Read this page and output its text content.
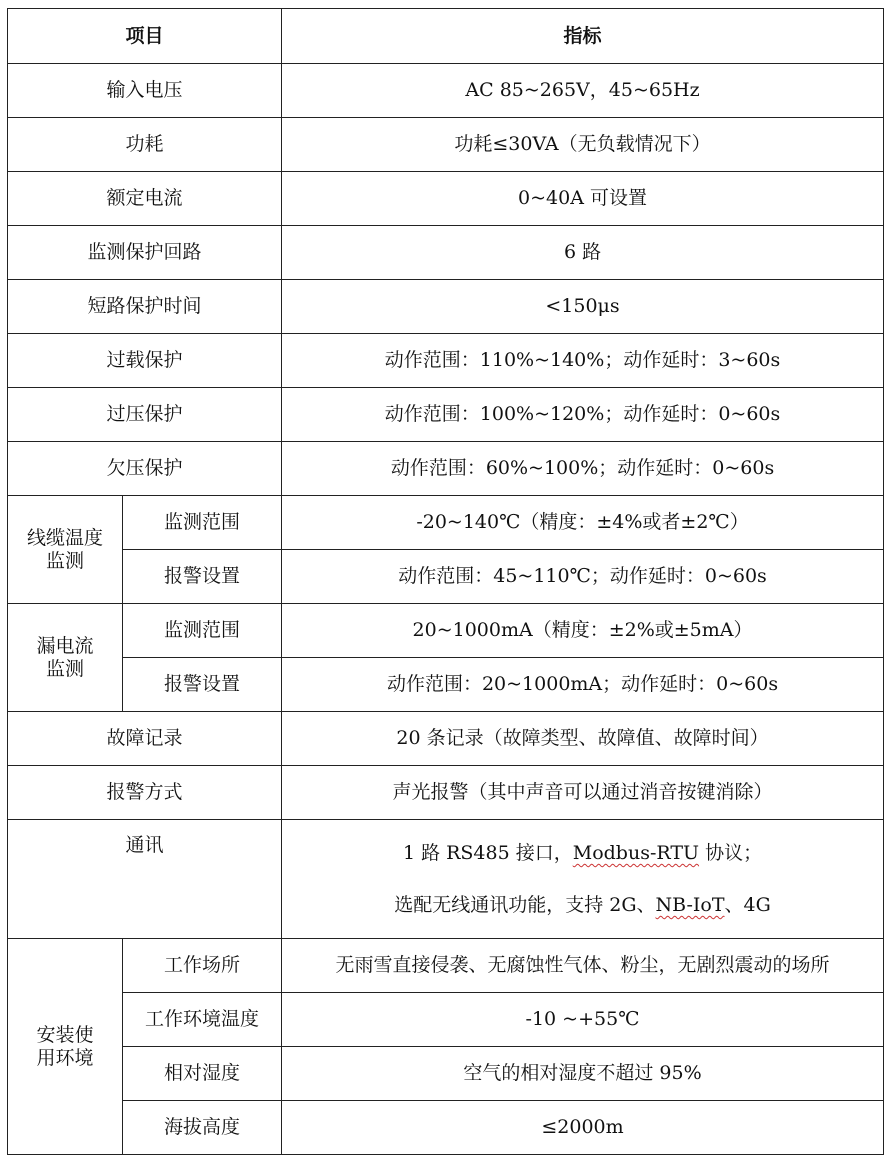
项目		指标
输入电压		AC 85~265V，45~65Hz
功耗		功耗≤30VA（无负载情况下）
额定电流		0~40A 可设置
监测保护回路		6 路
短路保护时间		<150μs
过载保护		动作范围：110%~140%；动作延时：3~60s
过压保护		动作范围：100%~120%；动作延时：0~60s
欠压保护		动作范围：60%~100%；动作延时：0~60s

线缆温度
监测	监测范围	-20~140℃（精度：±4%或者±2℃）
	报警设置	动作范围：45~110℃；动作延时：0~60s

漏电流
监测	监测范围	20~1000mA（精度：±2%或±5mA）
	报警设置	动作范围：20~1000mA；动作延时：0~60s
故障记录		20 条记录（故障类型、故障值、故障时间）
报警方式		声光报警（其中声音可以通过消音按键消除）
通讯		1 路 RS485 接口，Modbus-RTU 协议；
选配无线通讯功能，支持 2G、NB-IoT、4G

安装使
用环境	工作场所	无雨雪直接侵袭、无腐蚀性气体、粉尘，无剧烈震动的场所
	工作环境温度	-10 ~+55℃
	相对湿度	空气的相对湿度不超过 95%
	海拔高度	≤2000m
